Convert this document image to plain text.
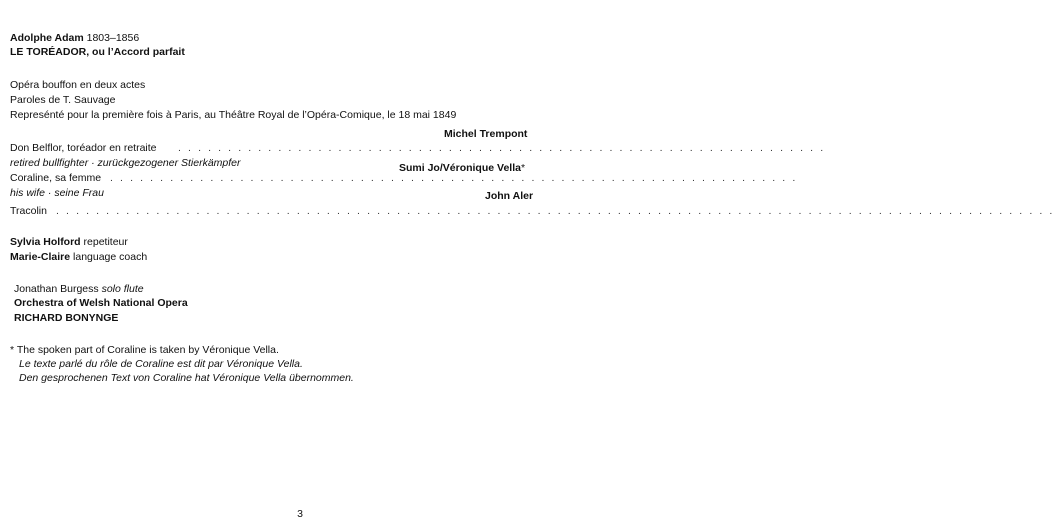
Adolphe Adam 1803–1856
LE TORÉADOR, ou l’Accord parfait
Opéra bouffon en deux actes
Paroles de T. Sauvage
Represénté pour la première fois à Paris, au Théâtre Royal de l’Opéra-Comique, le 18 mai 1849
Don Belflor, toréador en retraite . . . . . . . . . . . . . . . . . . . . . . . . . . . . . . . . . . . . . . . . . . . . . . . . . . . . . . . . . . . . . . . . .
Michel Trempont
retired bullfighter · zurückgezogener Stierkämpfer
Coraline, sa femme . . . . . . . . . . . . . . . . . . . . . . . . . . . . . . . . . . . . . . . . . . . . . . . . . . . . . . . . . . . . . . . . . . . . .
Sumi Jo/Véronique Vella*
his wife · seine Frau
Tracolin . . . . . . . . . . . . . . . . . . . . . . . . . . . . . . . . . . . . . . . . . . . . . . . . . . . . . . . . . . . . . . . . . . . . . . . . . . . . . . . . . . . . . . . . . . . . . . . . . . . .
John Aler
Sylvia Holford repetiteur
Marie-Claire language coach
Jonathan Burgess solo flute
Orchestra of Welsh National Opera
RICHARD BONYNGE
* The spoken part of Coraline is taken by Véronique Vella.
Le texte parlé du rôle de Coraline est dit par Véronique Vella.
Den gesprochenen Text von Coraline hat Véronique Vella übernommen.
3
